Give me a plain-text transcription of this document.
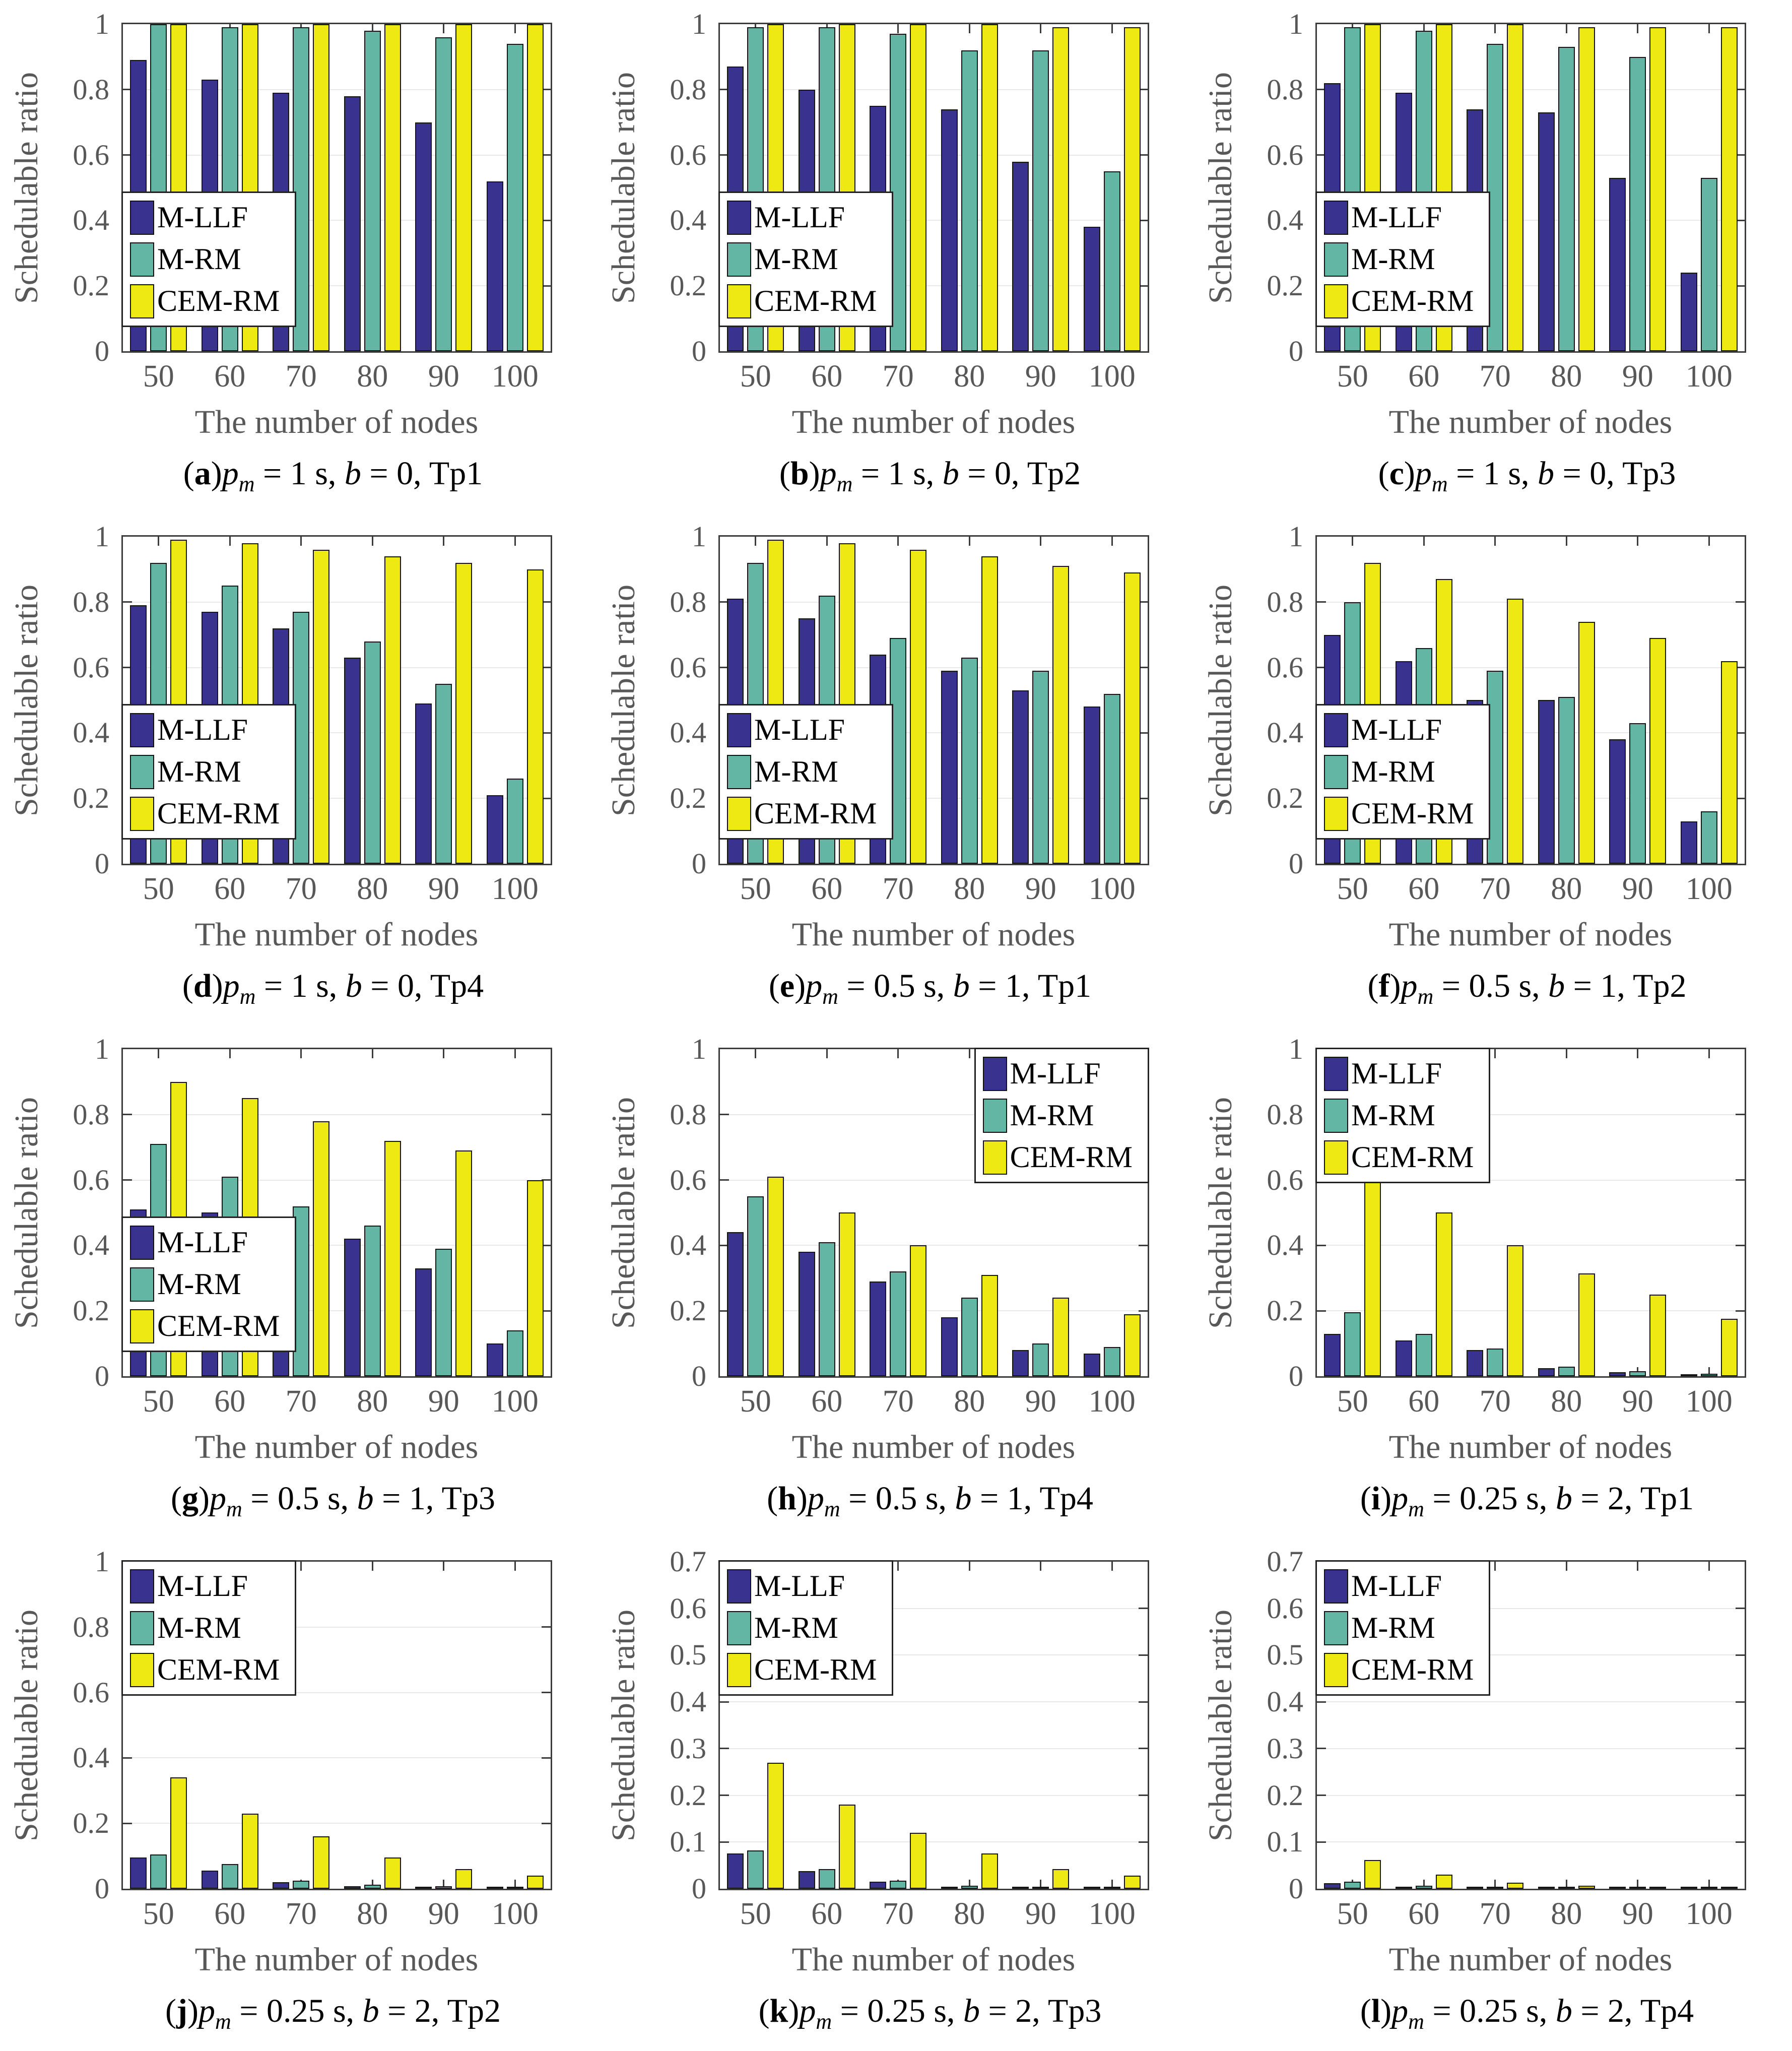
Schedulable ratio	M-LLF
M-RM
CEM-RM
0
0.2
0.4
0.6
0.8
1
50 60 70 80 90 100
The number of nodes
$(a)p_m = 1$ s, b = 0, Tp1
Schedulable ratio	M-LLF
M-RM
CEM-RM
0
0.2
0.4
0.6
0.8
1
50 60 70 80 90 100
The number of nodes
$(b)p_m = 1$ s, b = 0, Tp2
Schedulable ratio	M-LLF
M-RM
CEM-RM
0
0.2
0.4
0.6
0.8
1
50 60 70 80 90 100
The number of nodes
$(c)p_m = 1$ s, b = 0, Tp3
Schedulable ratio	M-LLF
M-RM
CEM-RM
0
0.2
0.4
0.6
0.8
1
50 60 70 80 90 100
The number of nodes
$(d)p_m = 1$ s, b = 0, Tp4
Schedulable ratio	M-LLF
M-RM
CEM-RM
0
0.2
0.4
0.6
0.8
1
50 60 70 80 90 100
The number of nodes
$(e)p_m = 0.5$ s, b = 1, Tp1
Schedulable ratio	M-LLF
M-RM
CEM-RM
0
0.2
0.4
0.6
0.8
1
50 60 70 80 90 100
The number of nodes
$(f)p_m = 0.5$ s, b = 1, Tp2
Schedulable ratio	M-LLF
M-RM
CEM-RM
0
0.2
0.4
0.6
0.8
1
50 60 70 80 90 100
The number of nodes
$(g)p_m = 0.5$ s, b = 1, Tp3
Schedulable ratio
M-LLF
M-RM
CEM-RM
0
0.2
0.4
0.6
0.8
1
50 60 70 80 90 100
The number of nodes
$(h)p_m = 0.5$ s, b = 1, Tp4
Schedulable ratio
M-LLF
M-RM
CEM-RM
0
0.2
0.4
0.6
0.8
1
50 60 70 80 90 100
The number of nodes
$(i)p_m = 0.25$ s, b = 2, Tp1
Schedulable ratio
M-LLF
M-RM
CEM-RM
0
0.2
0.4
0.6
0.8
1
50 60 70 80 90 100
The number of nodes
$(j)p_m = 0.25$ s, b = 2, Tp2
Schedulable ratio
M-LLF
M-RM
CEM-RM
0
0.1
0.2
0.3
0.4
0.5
0.6
0.7
50 60 70 80 90 100
The number of nodes
$(k)p_m = 0.25$ s, b = 2, Tp3
Schedulable ratio
M-LLF
M-RM
CEM-RM
0
0.1
0.2
0.3
0.4
0.5
0.6
0.7
50 60 70 80 90 100
The number of nodes
$(l)p_m = 0.25$ s, b = 2, Tp4
